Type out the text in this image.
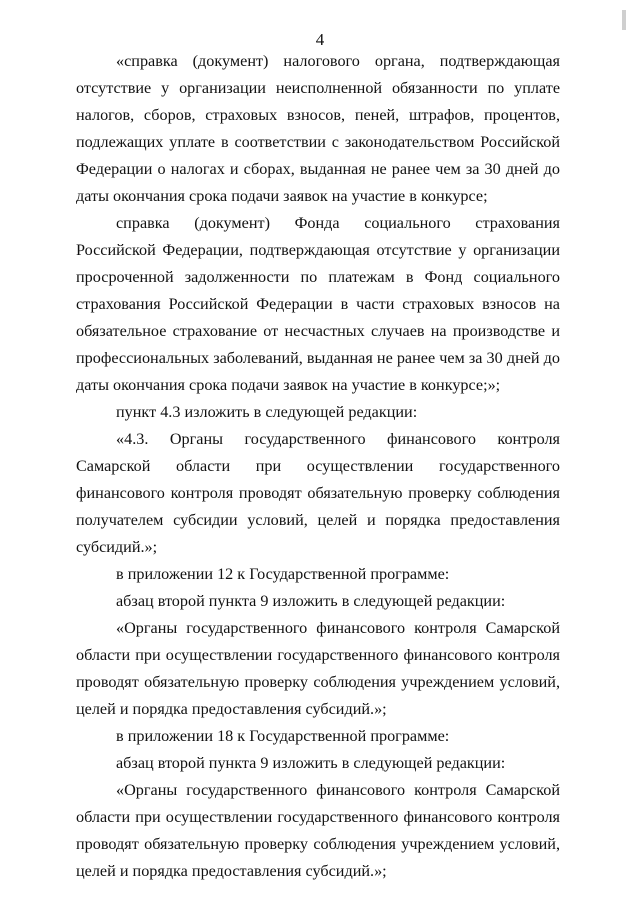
4

«справка (документ) налогового органа, подтверждающая отсутствие у организации неисполненной обязанности по уплате налогов, сборов, страховых взносов, пеней, штрафов, процентов, подлежащих уплате в соответствии с законодательством Российской Федерации о налогах и сборах, выданная не ранее чем за 30 дней до даты окончания срока подачи заявок на участие в конкурсе;

справка (документ) Фонда социального страхования Российской Федерации, подтверждающая отсутствие у организации просроченной задолженности по платежам в Фонд социального страхования Российской Федерации в части страховых взносов на обязательное страхование от несчастных случаев на производстве и профессиональных заболеваний, выданная не ранее чем за 30 дней до даты окончания срока подачи заявок на участие в конкурсе;»;

пункт 4.3 изложить в следующей редакции:

«4.3. Органы государственного финансового контроля Самарской области при осуществлении государственного финансового контроля проводят обязательную проверку соблюдения получателем субсидии условий, целей и порядка предоставления субсидий.»;

в приложении 12 к Государственной программе:

абзац второй пункта 9 изложить в следующей редакции:

«Органы государственного финансового контроля Самарской области при осуществлении государственного финансового контроля проводят обязательную проверку соблюдения учреждением условий, целей и порядка предоставления субсидий.»;

в приложении 18 к Государственной программе:

абзац второй пункта 9 изложить в следующей редакции:

«Органы государственного финансового контроля Самарской области при осуществлении государственного финансового контроля проводят обязательную проверку соблюдения учреждением условий, целей и порядка предоставления субсидий.»;
